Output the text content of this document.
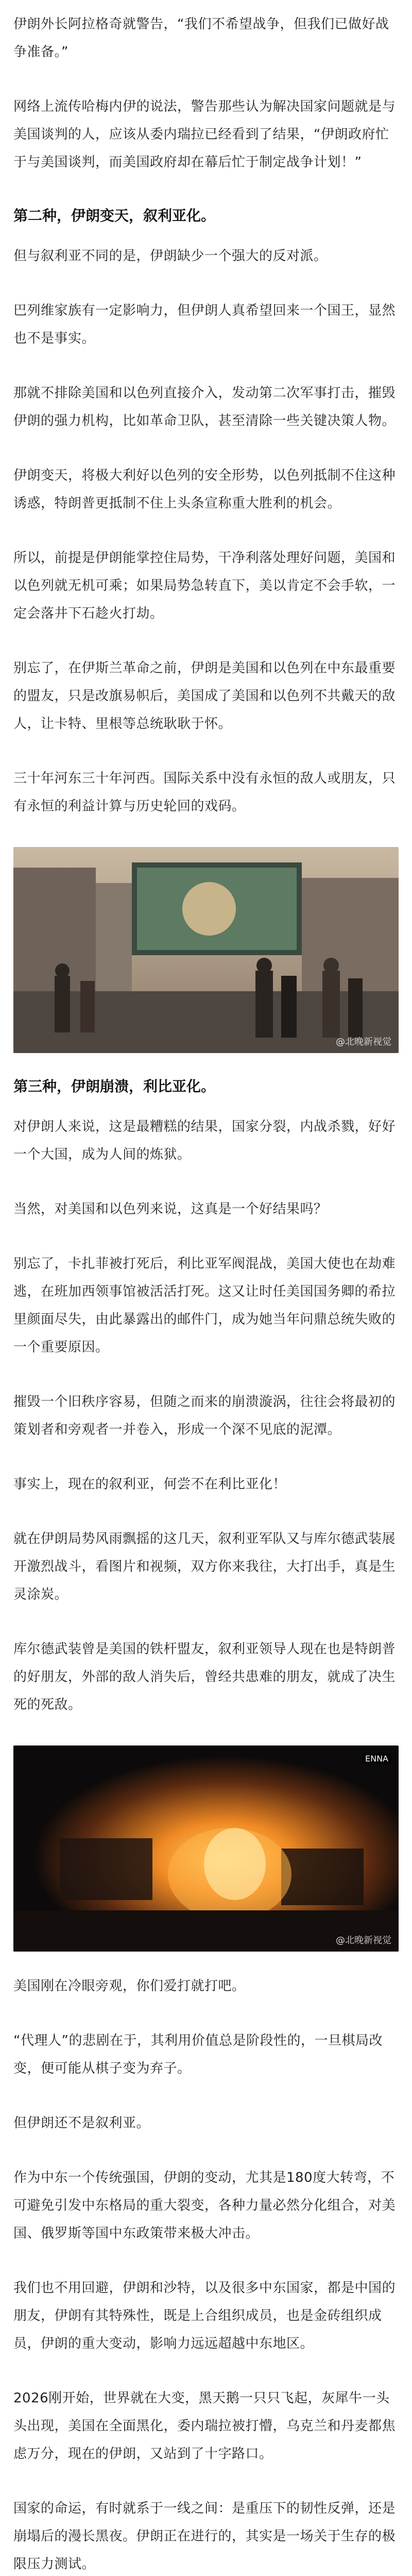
伊朗外长阿拉格奇就警告，“我们不希望战争，但我们已做好战争准备。”

网络上流传哈梅内伊的说法，警告那些认为解决国家问题就是与美国谈判的人，应该从委内瑞拉已经看到了结果，“伊朗政府忙于与美国谈判，而美国政府却在幕后忙于制定战争计划！”

第二种，伊朗变天，叙利亚化。

但与叙利亚不同的是，伊朗缺少一个强大的反对派。

巴列维家族有一定影响力，但伊朗人真希望回来一个国王，显然也不是事实。

那就不排除美国和以色列直接介入，发动第二次军事打击，摧毁伊朗的强力机构，比如革命卫队，甚至清除一些关键决策人物。

伊朗变天，将极大利好以色列的安全形势，以色列抵制不住这种诱惑，特朗普更抵制不住上头条宣称重大胜利的机会。

所以，前提是伊朗能掌控住局势，干净利落处理好问题，美国和以色列就无机可乘；如果局势急转直下，美以肯定不会手软，一定会落井下石趁火打劫。

别忘了，在伊斯兰革命之前，伊朗是美国和以色列在中东最重要的盟友，只是改旗易帜后，美国成了美国和以色列不共戴天的敌人，让卡特、里根等总统耿耿于怀。

三十年河东三十年河西。国际关系中没有永恒的敌人或朋友，只有永恒的利益计算与历史轮回的戏码。

@北晚新视觉
第三种，伊朗崩溃，利比亚化。

对伊朗人来说，这是最糟糕的结果，国家分裂，内战杀戮，好好一个大国，成为人间的炼狱。

当然，对美国和以色列来说，这真是一个好结果吗？

别忘了，卡扎菲被打死后，利比亚军阀混战，美国大使也在劫难逃，在班加西领事馆被活活打死。这又让时任美国国务卿的希拉里颜面尽失，由此暴露出的邮件门，成为她当年问鼎总统失败的一个重要原因。

摧毁一个旧秩序容易，但随之而来的崩溃漩涡，往往会将最初的策划者和旁观者一并卷入，形成一个深不见底的泥潭。

事实上，现在的叙利亚，何尝不在利比亚化！

就在伊朗局势风雨飘摇的这几天，叙利亚军队又与库尔德武装展开激烈战斗，看图片和视频，双方你来我往，大打出手，真是生灵涂炭。

库尔德武装曾是美国的铁杆盟友，叙利亚领导人现在也是特朗普的好朋友，外部的敌人消失后，曾经共患难的朋友，就成了决生死的死敌。

ENNA
@北晚新视觉

美国刚在冷眼旁观，你们爱打就打吧。

“代理人”的悲剧在于，其利用价值总是阶段性的，一旦棋局改变，便可能从棋子变为弃子。

但伊朗还不是叙利亚。

作为中东一个传统强国，伊朗的变动，尤其是180度大转弯，不可避免引发中东格局的重大裂变，各种力量必然分化组合，对美国、俄罗斯等国中东政策带来极大冲击。

我们也不用回避，伊朗和沙特，以及很多中东国家，都是中国的朋友，伊朗有其特殊性，既是上合组织成员，也是金砖组织成员，伊朗的重大变动，影响力远远超越中东地区。

2026刚开始，世界就在大变，黑天鹅一只只飞起，灰犀牛一头头出现，美国在全面黑化，委内瑞拉被打懵，乌克兰和丹麦都焦虑万分，现在的伊朗，又站到了十字路口。

国家的命运，有时就系于一线之间：是重压下的韧性反弹，还是崩塌后的漫长黑夜。伊朗正在进行的，其实是一场关于生存的极限压力测试。
